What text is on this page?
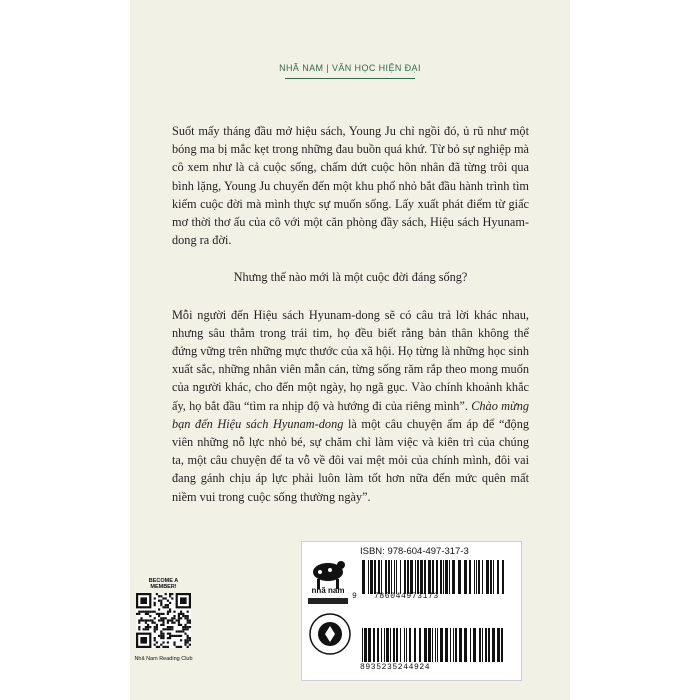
NHÃ NAM | VĂN HỌC HIỆN ĐẠI

Suốt mấy tháng đầu mở hiệu sách, Young Ju chỉ ngồi đó, ủ rũ như một bóng ma bị mắc kẹt trong những đau buồn quá khứ. Từ bỏ sự nghiệp mà cô xem như là cả cuộc sống, chấm dứt cuộc hôn nhân đã từng trôi qua bình lặng, Young Ju chuyển đến một khu phố nhỏ bắt đầu hành trình tìm kiếm cuộc đời mà mình thực sự muốn sống. Lấy xuất phát điểm từ giấc mơ thời thơ ấu của cô với một căn phòng đầy sách, Hiệu sách Hyunam-dong ra đời.

Nhưng thế nào mới là một cuộc đời đáng sống?

Mỗi người đến Hiệu sách Hyunam-dong sẽ có câu trả lời khác nhau, nhưng sâu thẳm trong trái tim, họ đều biết rằng bản thân không thể đứng vững trên những mực thước của xã hội. Họ từng là những học sinh xuất sắc, những nhân viên mẫn cán, từng sống răm rắp theo mong muốn của người khác, cho đến một ngày, họ ngã gục. Vào chính khoảnh khắc ấy, họ bắt đầu “tìm ra nhịp độ và hướng đi của riêng mình”. Chào mừng bạn đến Hiệu sách Hyunam-dong là một câu chuyện ấm áp để “động viên những nỗ lực nhỏ bé, sự chăm chỉ làm việc và kiên trì của chúng ta, một câu chuyện để ta vỗ về đôi vai mệt mỏi của chính mình, đôi vai đang gánh chịu áp lực phải luôn làm tốt hơn nữa đến mức quên mất niềm vui trong cuộc sống thường ngày”.

BECOME A MEMBER!
Nhã Nam Reading Club
nhã nam
ISBN: 978-604-497-317-3
9 786044973173
8935235244924
